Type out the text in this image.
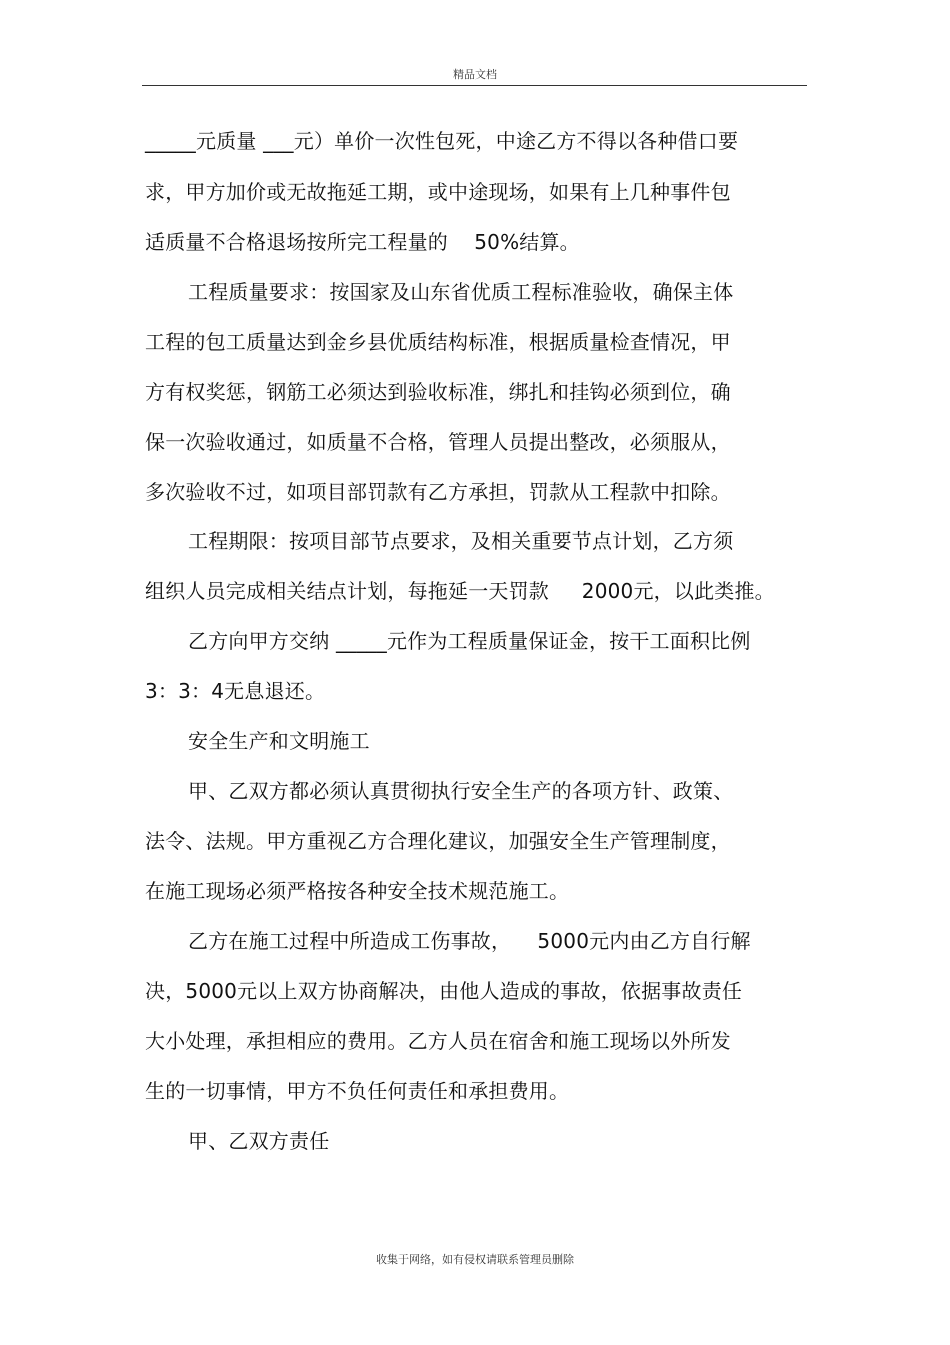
精品文档
_____元质量 ___元）单价一次性包死，中途乙方不得以各种借口要
求，甲方加价或无故拖延工期，或中途现场，如果有上几种事件包
适质量不合格退场按所完工程量的    50%结算。
工程质量要求：按国家及山东省优质工程标准验收，确保主体
工程的包工质量达到金乡县优质结构标准，根据质量检查情况，甲
方有权奖惩，钢筋工必须达到验收标准，绑扎和挂钩必须到位，确
保一次验收通过，如质量不合格，管理人员提出整改，必须服从，
多次验收不过，如项目部罚款有乙方承担，罚款从工程款中扣除。
工程期限：按项目部节点要求，及相关重要节点计划，乙方须
组织人员完成相关结点计划，每拖延一天罚款     2000元，以此类推。
乙方向甲方交纳 _____元作为工程质量保证金，按干工面积比例
3：3：4无息退还。
安全生产和文明施工
甲、乙双方都必须认真贯彻执行安全生产的各项方针、政策、
法令、法规。甲方重视乙方合理化建议，加强安全生产管理制度，
在施工现场必须严格按各种安全技术规范施工。
乙方在施工过程中所造成工伤事故，    5000元内由乙方自行解
决，5000元以上双方协商解决，由他人造成的事故，依据事故责任
大小处理，承担相应的费用。乙方人员在宿舍和施工现场以外所发
生的一切事情，甲方不负任何责任和承担费用。
甲、乙双方责任
收集于网络，如有侵权请联系管理员删除
